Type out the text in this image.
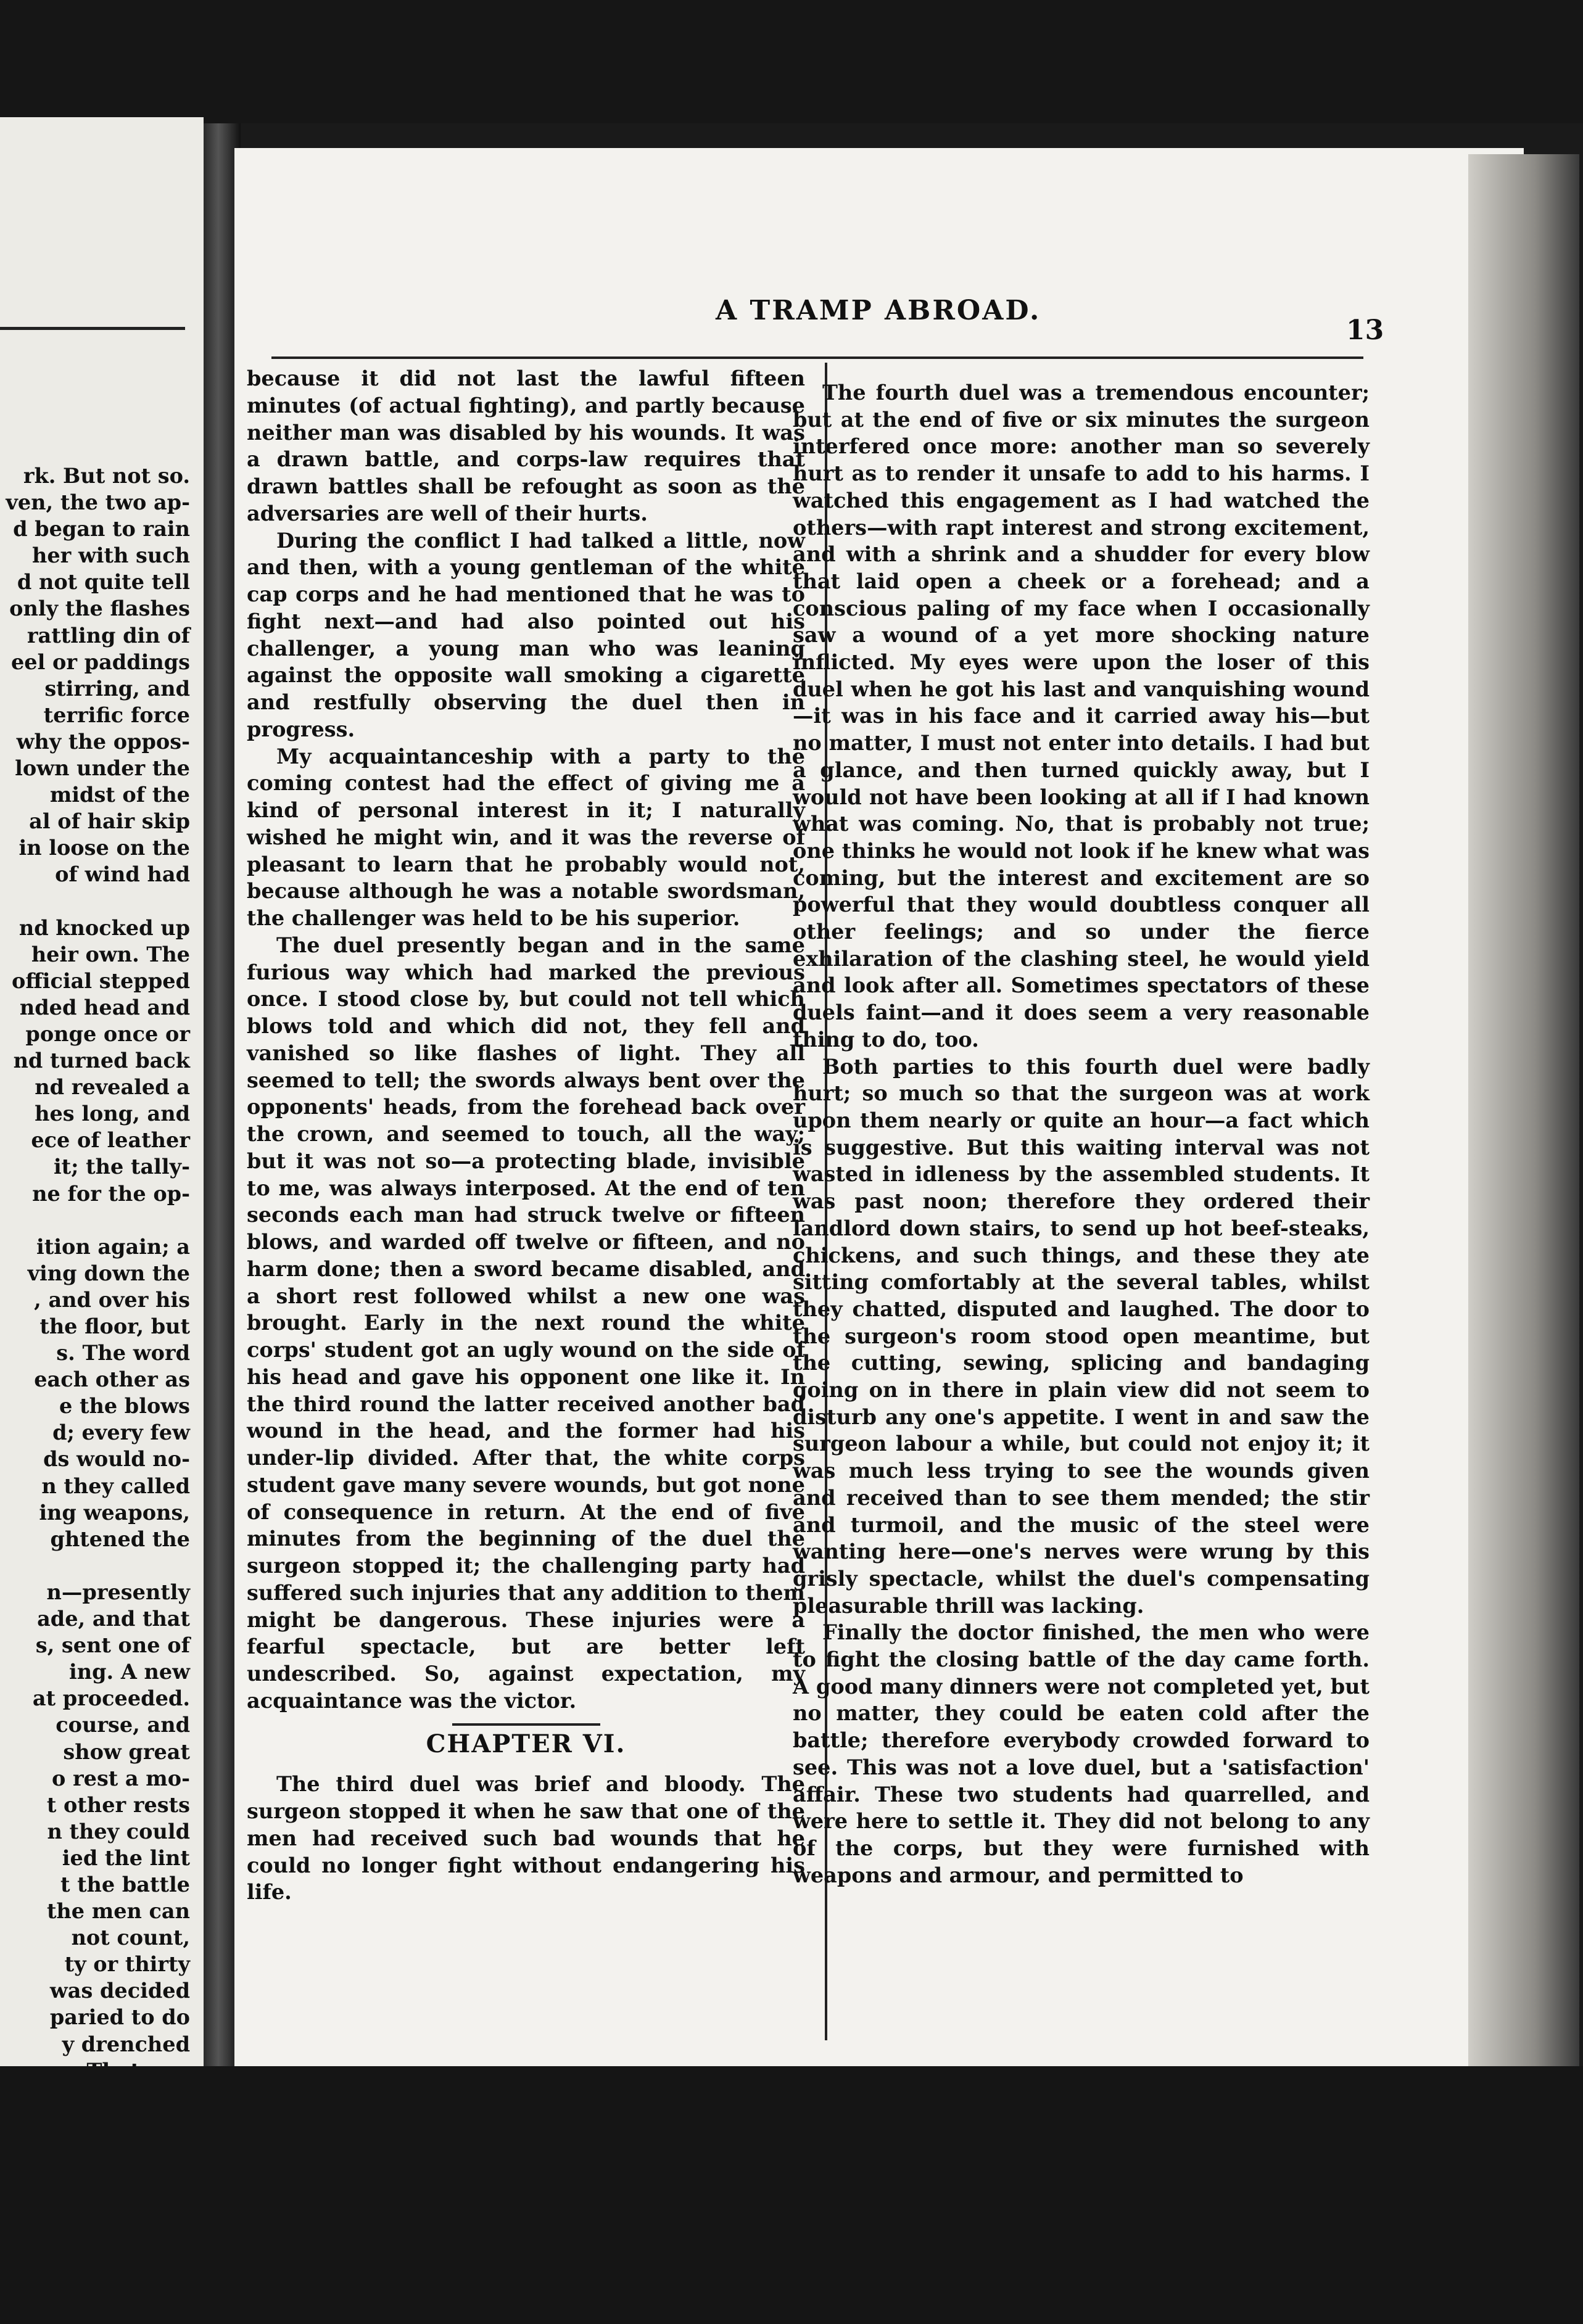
rk. But not so.
ven, the two ap-
d began to rain
her with such
d not quite tell
only the flashes
rattling din of
eel or paddings
stirring, and
terrific force
why the oppos-
lown under the
midst of the
al of hair skip
in loose on the
of wind had

nd knocked up
heir own. The
official stepped
nded head and
ponge once or
nd turned back
nd revealed a
hes long, and
ece of leather
it; the tally-
ne for the op-

ition again; a
ving down the
, and over his
the floor, but
s. The word
each other as
e the blows
d; every few
ds would no-
n they called
ing weapons,
ghtened the

n—presently
ade, and that
s, sent one of
ing. A new
at proceeded.
course, and
show great
o rest a mo-
t other rests
n they could
ied the lint
t the battle
the men can
not count,
ty or thirty
was decided
paried to do
y drenched
A TRAMP ABROAD.
13

because it did not last the lawful fifteen minutes (of actual fighting), and partly because neither man was disabled by his wounds. It was a drawn battle, and corps-law requires that drawn battles shall be refought as soon as the adversaries are well of their hurts.

During the conflict I had talked a little, now and then, with a young gentleman of the white cap corps and he had mentioned that he was to fight next—and had also pointed out his challenger, a young man who was leaning against the opposite wall smoking a cigarette and restfully observing the duel then in progress.

My acquaintanceship with a party to the coming contest had the effect of giving me a kind of personal interest in it; I naturally wished he might win, and it was the reverse of pleasant to learn that he probably would not, because although he was a notable swordsman, the challenger was held to be his superior.

The duel presently began and in the same furious way which had marked the previous once. I stood close by, but could not tell which blows told and which did not, they fell and vanished so like flashes of light. They all seemed to tell; the swords always bent over the opponents' heads, from the forehead back over the crown, and seemed to touch, all the way; but it was not so—a protecting blade, invisible to me, was always interposed. At the end of ten seconds each man had struck twelve or fifteen blows, and warded off twelve or fifteen, and no harm done; then a sword became disabled, and a short rest followed whilst a new one was brought. Early in the next round the white corps' student got an ugly wound on the side of his head and gave his opponent one like it. In the third round the latter received another bad wound in the head, and the former had his under-lip divided. After that, the white corps student gave many severe wounds, but got none of consequence in return. At the end of five minutes from the beginning of the duel the surgeon stopped it; the challenging party had suffered such injuries that any addition to them might be dangerous. These injuries were a fearful spectacle, but are better left undescribed. So, against expectation, my acquaintance was the victor.

CHAPTER VI.

The third duel was brief and bloody. The surgeon stopped it when he saw that one of the men had received such bad wounds that he could no longer fight without endangering his life.

The fourth duel was a tremendous encounter; but at the end of five or six minutes the surgeon interfered once more: another man so severely hurt as to render it unsafe to add to his harms. I watched this engagement as I had watched the others—with rapt interest and strong excitement, and with a shrink and a shudder for every blow that laid open a cheek or a forehead; and a conscious paling of my face when I occasionally saw a wound of a yet more shocking nature inflicted. My eyes were upon the loser of this duel when he got his last and vanquishing wound—it was in his face and it carried away his—but no matter, I must not enter into details. I had but a glance, and then turned quickly away, but I would not have been looking at all if I had known what was coming. No, that is probably not true; one thinks he would not look if he knew what was coming, but the interest and excitement are so powerful that they would doubtless conquer all other feelings; and so under the fierce exhilaration of the clashing steel, he would yield and look after all. Sometimes spectators of these duels faint—and it does seem a very reasonable thing to do, too.

Both parties to this fourth duel were badly hurt; so much so that the surgeon was at work upon them nearly or quite an hour—a fact which is suggestive. But this waiting interval was not wasted in idleness by the assembled students. It was past noon; therefore they ordered their landlord down stairs, to send up hot beef-steaks, chickens, and such things, and these they ate sitting comfortably at the several tables, whilst they chatted, disputed and laughed. The door to the surgeon's room stood open meantime, but the cutting, sewing, splicing and bandaging going on in there in plain view did not seem to disturb any one's appetite. I went in and saw the surgeon labour a while, but could not enjoy it; it was much less trying to see the wounds given and received than to see them mended; the stir and turmoil, and the music of the steel were wanting here—one's nerves were wrung by this grisly spectacle, whilst the duel's compensating pleasurable thrill was lacking.

Finally the doctor finished, the men who were to fight the closing battle of the day came forth. A good many dinners were not completed yet, but no matter, they could be eaten cold after the battle; therefore everybody crowded forward to see. This was not a love duel, but a 'satisfaction' affair. These two students had quarrelled, and were here to settle it. They did not belong to any of the corps, but they were furnished with weapons and armour, and permitted to
